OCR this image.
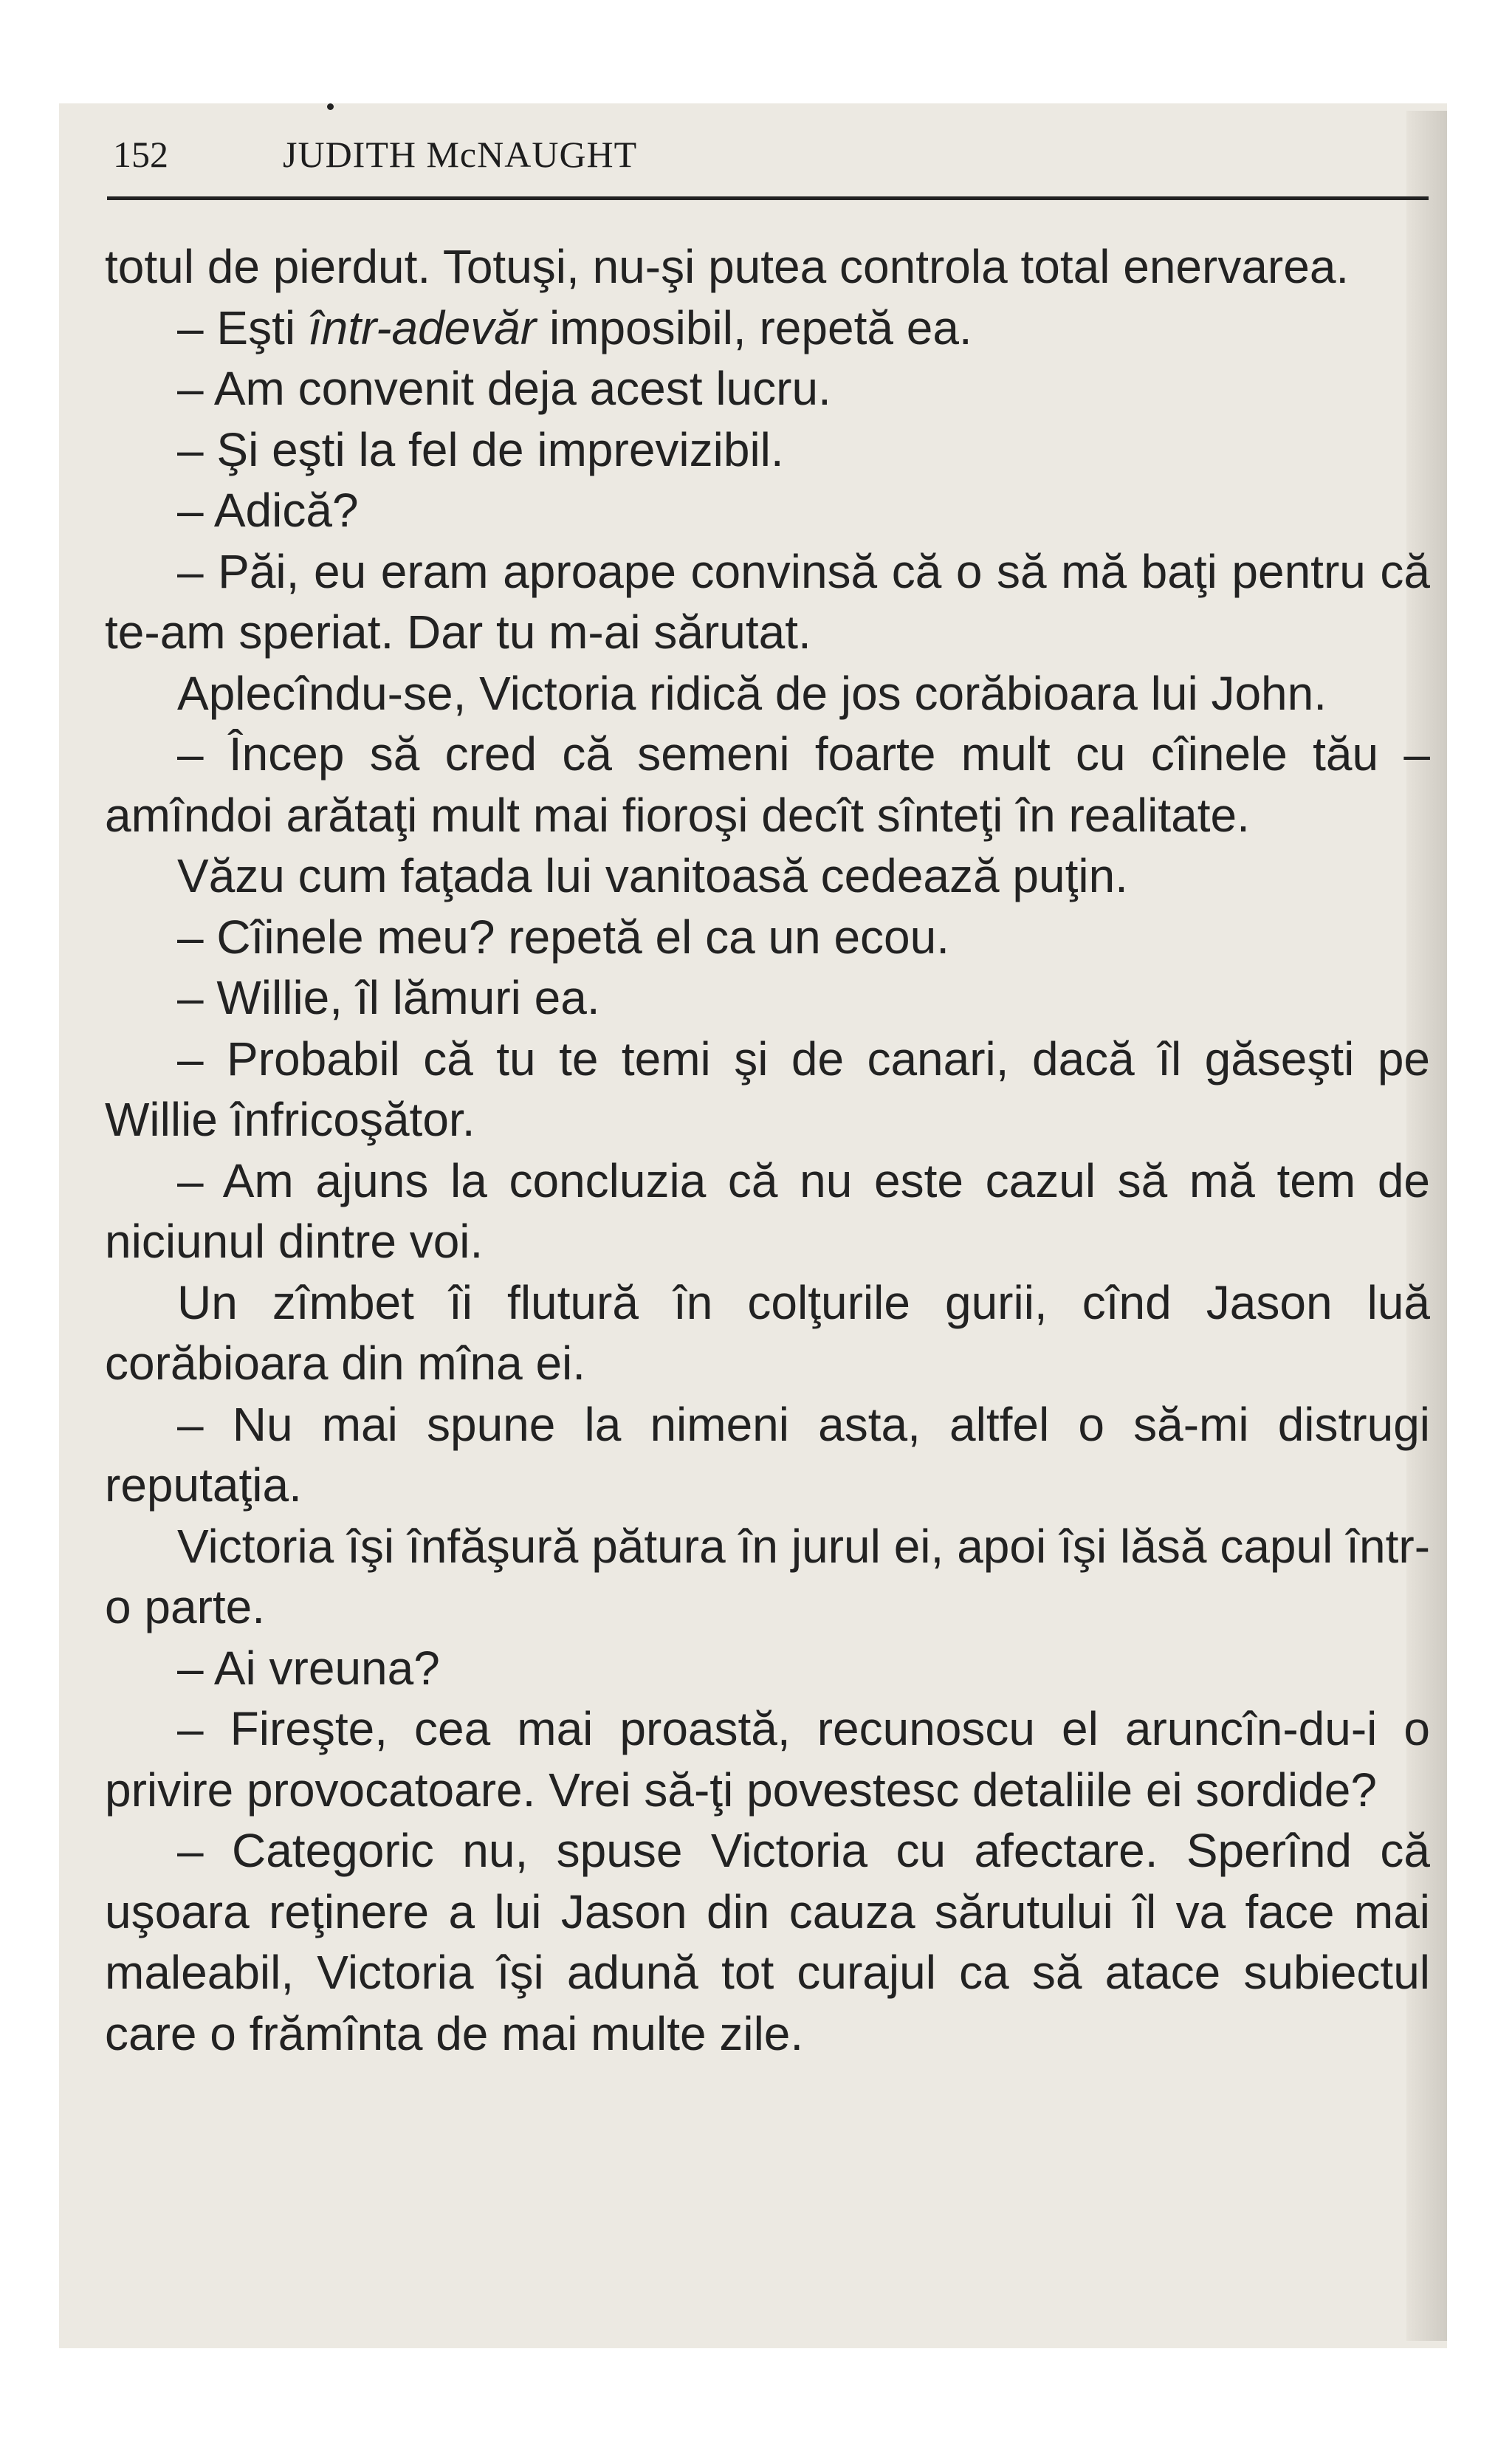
152	JUDITH McNAUGHT

totul de pierdut. Totuşi, nu-şi putea controla total enervarea.

– Eşti într-adevăr imposibil, repetă ea.

– Am convenit deja acest lucru.

– Şi eşti la fel de imprevizibil.

– Adică?

– Păi, eu eram aproape convinsă că o să mă baţi pentru că te-am speriat. Dar tu m-ai sărutat.

Aplecîndu-se, Victoria ridică de jos corăbioara lui John.

– Încep să cred că semeni foarte mult cu cîinele tău – amîndoi arătaţi mult mai fioroşi decît sînteţi în realitate.

Văzu cum faţada lui vanitoasă cedează puţin.

– Cîinele meu? repetă el ca un ecou.

– Willie, îl lămuri ea.

– Probabil că tu te temi şi de canari, dacă îl găseşti pe Willie înfricoşător.

– Am ajuns la concluzia că nu este cazul să mă tem de niciunul dintre voi.

Un zîmbet îi flutură în colţurile gurii, cînd Jason luă corăbioara din mîna ei.

– Nu mai spune la nimeni asta, altfel o să-mi distrugi reputaţia.

Victoria îşi înfăşură pătura în jurul ei, apoi îşi lăsă capul într-o parte.

– Ai vreuna?

– Fireşte, cea mai proastă, recunoscu el aruncîn-du-i o privire provocatoare. Vrei să-ţi povestesc detaliile ei sordide?

– Categoric nu, spuse Victoria cu afectare. Sperînd că uşoara reţinere a lui Jason din cauza sărutului îl va face mai maleabil, Victoria îşi adună tot curajul ca să atace subiectul care o frămînta de mai multe zile.
